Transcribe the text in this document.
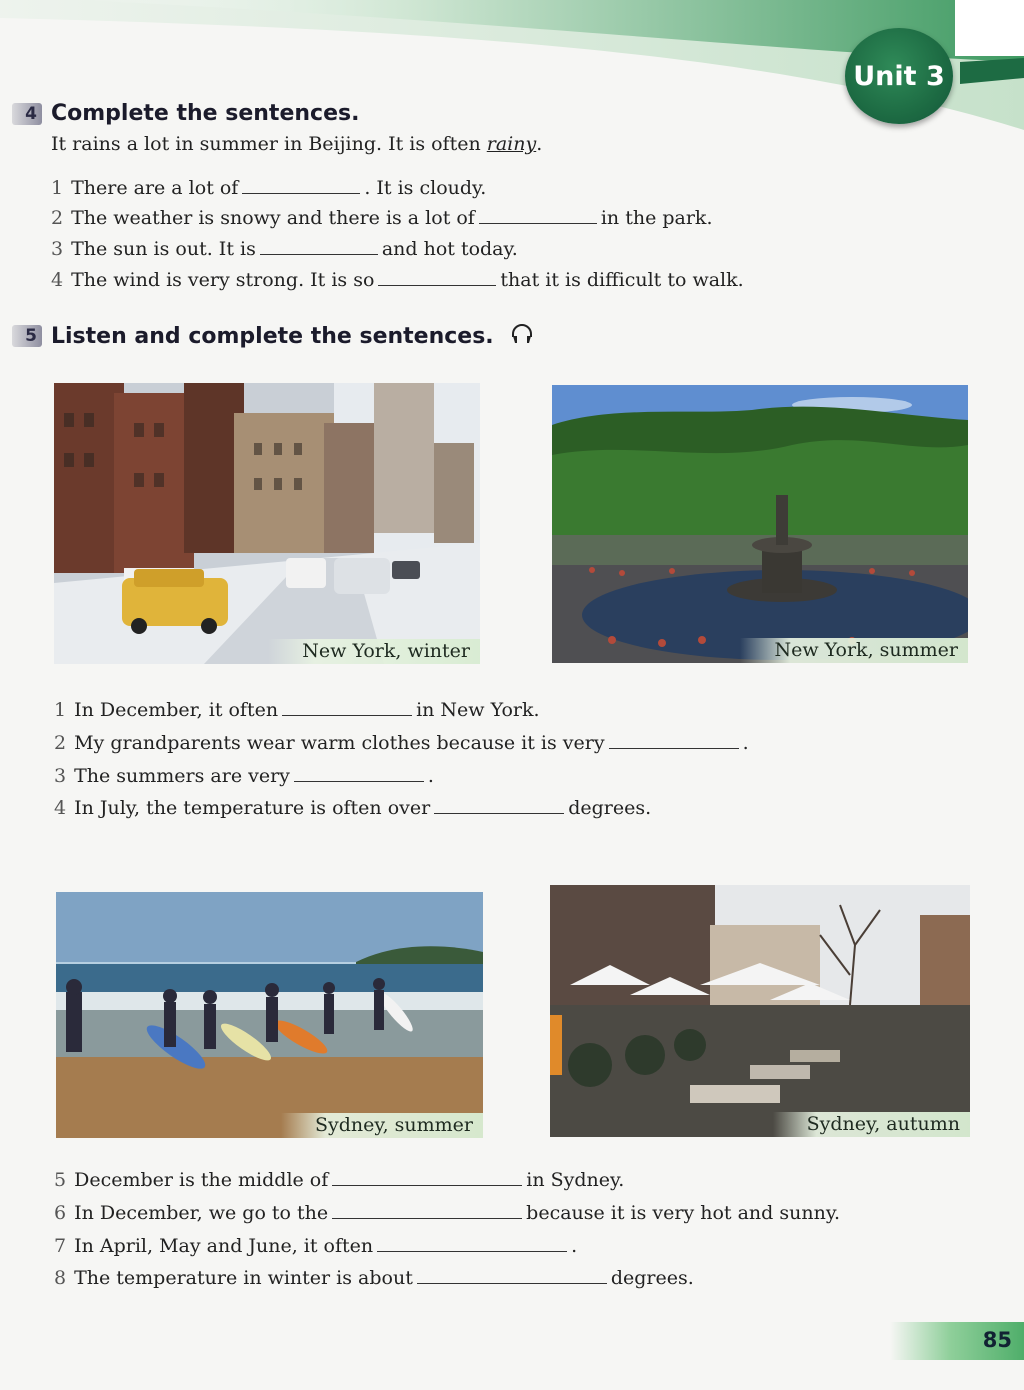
Unit 3
4 Complete the sentences.
It rains a lot in summer in Beijing. It is often rainy.
1 There are a lot of	. It is cloudy.
2 The weather is snowy and there is a lot of	in the park.
3 The sun is out. It is	and hot today.
4 The wind is very strong. It is so	that it is difficult to walk.
5 Listen and complete the sentences.
New York, winter	New York, summer
1 In December, it often	in New York.
2 My grandparents wear warm clothes because it is very	.
3 The summers are very	.
4 In July, the temperature is often over	degrees.
Sydney, summer	Sydney, autumn
5 December is the middle of	in Sydney.
6 In December, we go to the	because it is very hot and sunny.
7 In April, May and June, it often	.
8 The temperature in winter is about	degrees.
85
